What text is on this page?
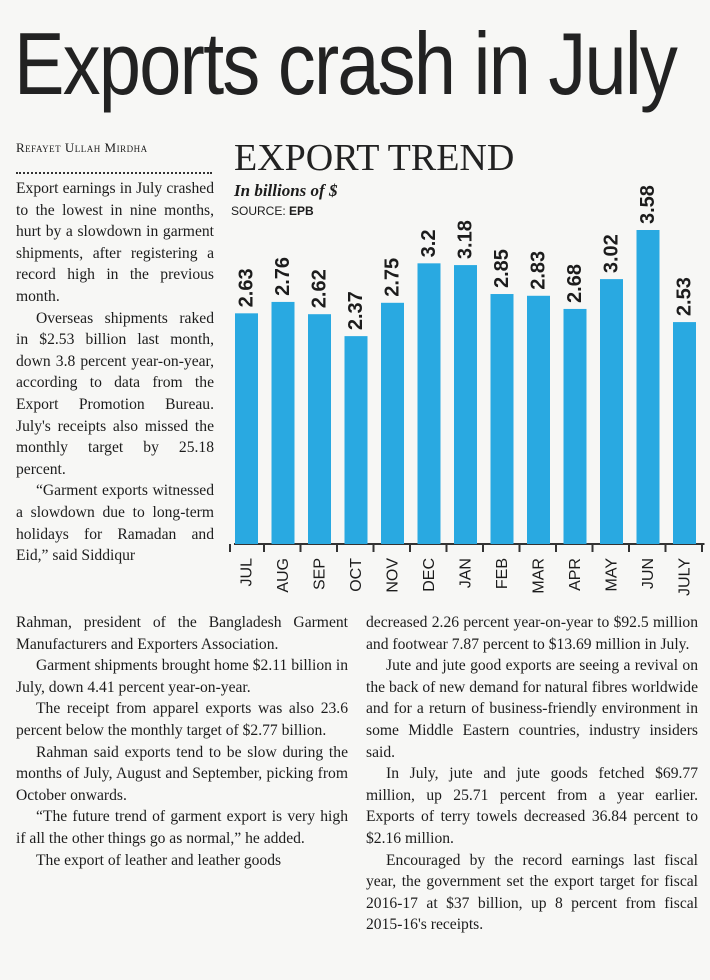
Exports crash in July
Refayet Ullah Mirdha

Export earnings in July crashed to the lowest in nine months, hurt by a slowdown in garment shipments, after registering a record high in the previous month.

Overseas shipments raked in $2.53 billion last month, down 3.8 percent year-on-year, according to data from the Export Promotion Bureau. July's receipts also missed the monthly target by 25.18 percent.

“Garment exports witnessed a slowdown due to long-term holidays for Ramadan and Eid,” said Siddiqur

Rahman, president of the Bangladesh Garment Manufacturers and Exporters Association.

Garment shipments brought home $2.11 billion in July, down 4.41 percent year-on-year.

The receipt from apparel exports was also 23.6 percent below the monthly target of $2.77 billion.

Rahman said exports tend to be slow during the months of July, August and September, picking from October onwards.

“The future trend of garment export is very high if all the other things go as normal,” he added.

The export of leather and leather goods

decreased 2.26 percent year-on-year to $92.5 million and footwear 7.87 percent to $13.69 million in July.

Jute and jute good exports are seeing a revival on the back of new demand for natural fibres worldwide and for a return of business-friendly environment in some Middle Eastern countries, industry insiders said.

In July, jute and jute goods fetched $69.77 million, up 25.71 percent from a year earlier. Exports of terry towels decreased 36.84 percent to $2.16 million.

Encouraged by the record earnings last fiscal year, the government set the export target for fiscal 2016-17 at $37 billion, up 8 percent from fiscal 2015-16's receipts.

EXPORT TREND
In billions of $
SOURCE: EPB
2.63
JUL
2.76
AUG
2.62
SEP
2.37
OCT
2.75
NOV
3.2
DEC
3.18
JAN
2.85
FEB
2.83
MAR
2.68
APR
3.02
MAY
3.58
JUN
2.53
JULY
